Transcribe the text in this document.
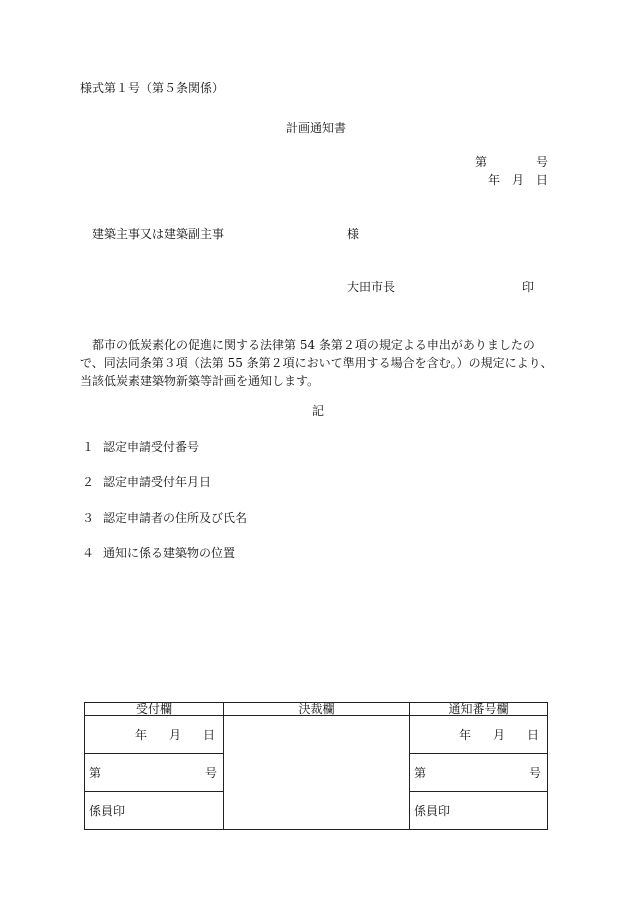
様式第１号（第５条関係）
計画通知書
第	号
年 月 日
建築主事又は建築副主事	様
大田市長	印
都市の低炭素化の促進に関する法律第 54 条第２項の規定よる申出がありましたので、同法同条第３項（法第 55 条第２項において準用する場合を含む。）の規定により、当該低炭素建築物新築等計画を通知します。
記
１ 認定申請受付番号
２ 認定申請受付年月日
３ 認定申請者の住所及び氏名
４ 通知に係る建築物の位置
受付欄	決裁欄	通知番号欄

年 月 日		年 月 日

第 号		第 号

係員印		係員印
